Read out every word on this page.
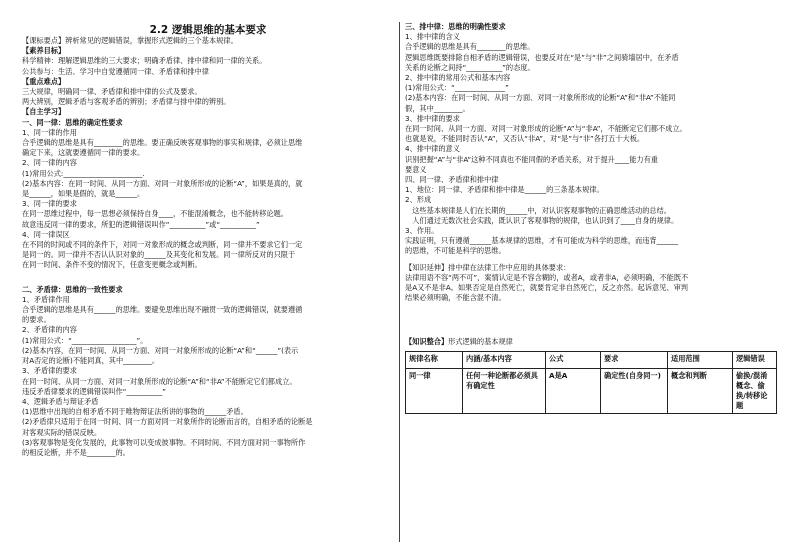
2.2 逻辑思维的基本要求
【课标要点】辨析常见的逻辑错误，掌握形式逻辑的三个基本规律。
【素养目标】
科学精神：理解逻辑思维的三大要求；明确矛盾律、排中律和同一律的关系。
公共参与：生活、学习中自觉遵循同一律、矛盾律和排中律
【重点难点】
三大规律，明确同一律、矛盾律和排中律的公式及要求。
两大辨别，逻辑矛盾与客观矛盾的辨别；矛盾律与排中律的辨别。
【自主学习】
一、同一律：思维的确定性要求
1、同一律的作用
合乎逻辑的思维是具有________的思维。要正确反映客观事物的事实和规律，必须让思维
确定下来，这就要遵循同一律的要求。
2、同一律的内容
(1)常用公式:______________________.
(2)基本内容：在同一时间、从同一方面、对同一对象所形成的论断“A”，如果是真的，就
是______，如果是假的，就是______。
3、同一律的要求
在同一思维过程中，每一思想必须保持自身____，不能混淆概念，也不能转移论题。
故意违反同一律的要求，所犯的逻辑错误叫作“__________”或“__________”
4、同一律误区
在不同的时间或不同的条件下，对同一对象形成的概念或判断，同一律并不要求它们一定
是同一的。同一律并不否认认识对象的______及其变化和发展。同一律所反对的只限于
在同一时间、条件不变的情况下，任意变更概念或判断。
二、矛盾律：思维的一致性要求
1、矛盾律作用
合乎逻辑的思维是具有______的思维。要避免思维出现不融贯一致的逻辑错误，就要遵循
的要求。
2、矛盾律的内容
(1)常用公式：“__________________”。
(2)基本内容，在同一时间、从同一方面、对同一对象所形成的论断“A”和“______”(表示
对A否定的论断)不能同真，其中________。
3、矛盾律的要求
在同一时间、从同一方面、对同一对象所形成的论断“A”和“非A”不能断定它们都成立。
违反矛盾律要求的逻辑错误叫作“__________”
4、逻辑矛盾与辩证矛盾
(1)思维中出现的自相矛盾不同于唯物辩证法所讲的事物的______矛盾。
(2)矛盾律只适用于在同一时间、同一方面对同一对象所作的论断而言的，自相矛盾的论断是
对客观实际的错误反映。
(3)客观事物是变化发展的，此事物可以变成彼事物。不同时间、不同方面对同一事物所作
的相反论断，并不是________的。
三、排中律：思维的明确性要求
1、排中律的含义
合乎逻辑的思维是具有________的思维。
逻辑思维既要排除自相矛盾的逻辑错误，也要反对在“是”与“非”之间骑墙居中，在矛盾
关系的论断之间持“__________”的态度。
2、排中律的常用公式和基本内容
(1)常用公式：“______________”
(2)基本内容：在同一时间、从同一方面、对同一对象所形成的论断“A”和“非A”不能同
假，其中________。
3、排中律的要求
在同一时间、从同一方面、对同一对象形成的论断“A”与“非A”，不能断定它们都不成立。
也就是说，不能同时否认“A”，又否认“非A”，对“是”与“非”各打五十大板。
4、排中律的意义
识别把握“A”与“非A”这种不同真也不能同假的矛盾关系，对于提升____能力有重
要意义
四、同一律、矛盾律和排中律
1、地位：同一律、矛盾律和排中律是______的三条基本规律。
2、形成
　这些基本规律是人们在长期的______中，对认识客观事物的正确思维活动的总结。
　人们通过无数次社会实践，既认识了客观事物的规律，也认识到了____自身的规律。
3、作用。
实践证明，只有遵循______基本规律的思维，才有可能成为科学的思维，而违背______
的思维，不可能是科学的思维。
【知识延伸】排中律在法律工作中应用的具体要求：
法律用语不容“两不可”，案情认定是不容含糊的，或者A，或者非A，必须明确，不能既不
是A又不是非A。如果否定是自然死亡，就要肯定非自然死亡，反之亦然。起诉意见、审判
结果必须明确，不能含混不清。
【知识整合】形式逻辑的基本规律
规律名称	内涵/基本内容	公式	要求	适用范围	逻辑错误
同一律	任何一种论断都必须具有确定性	A是A	确定性(自身同一)	概念和判断	偷换/混淆概念、偷换/转移论题
